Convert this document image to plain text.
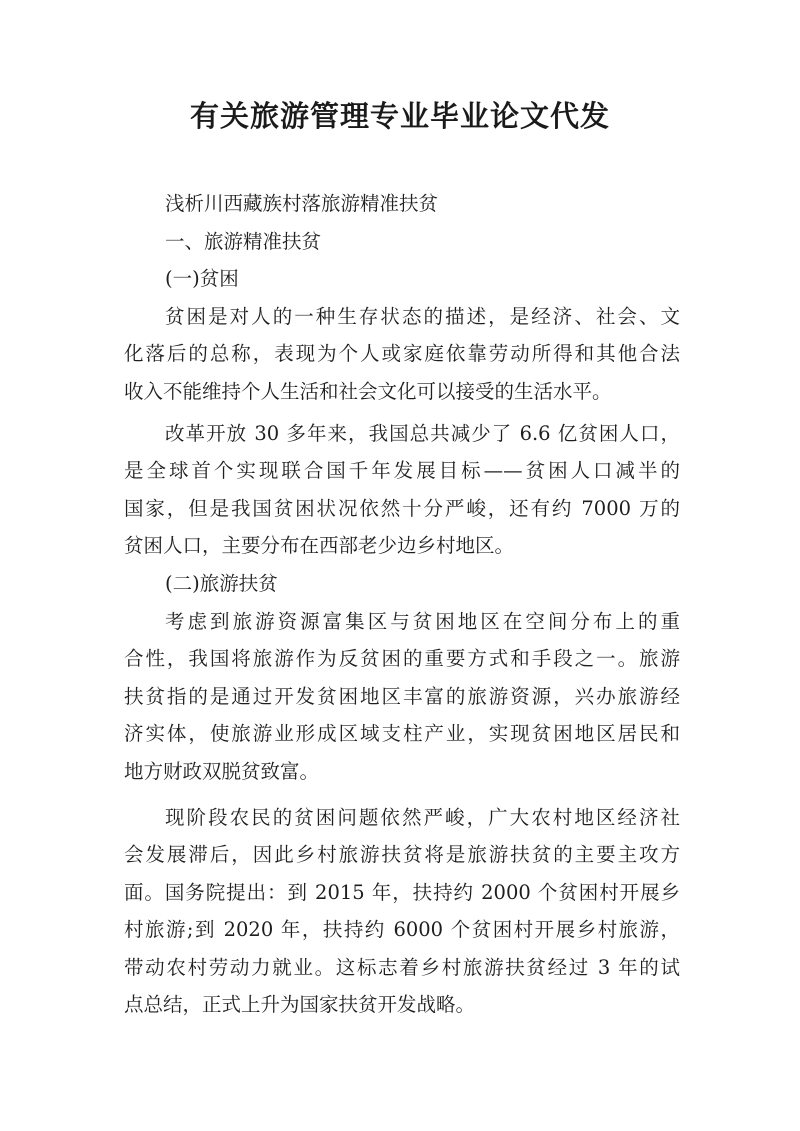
有关旅游管理专业毕业论文代发
浅析川西藏族村落旅游精准扶贫
一、旅游精准扶贫
(一)贫困
贫困是对人的一种生存状态的描述，是经济、社会、文
化落后的总称，表现为个人或家庭依靠劳动所得和其他合法
收入不能维持个人生活和社会文化可以接受的生活水平。
改革开放 30 多年来，我国总共减少了 6.6 亿贫困人口，
是全球首个实现联合国千年发展目标——贫困人口减半的
国家，但是我国贫困状况依然十分严峻，还有约 7000 万的
贫困人口，主要分布在西部老少边乡村地区。
(二)旅游扶贫
考虑到旅游资源富集区与贫困地区在空间分布上的重
合性，我国将旅游作为反贫困的重要方式和手段之一。旅游
扶贫指的是通过开发贫困地区丰富的旅游资源，兴办旅游经
济实体，使旅游业形成区域支柱产业，实现贫困地区居民和
地方财政双脱贫致富。
现阶段农民的贫困问题依然严峻，广大农村地区经济社
会发展滞后，因此乡村旅游扶贫将是旅游扶贫的主要主攻方
面。国务院提出：到 2015 年，扶持约 2000 个贫困村开展乡
村旅游;到 2020 年，扶持约 6000 个贫困村开展乡村旅游，
带动农村劳动力就业。这标志着乡村旅游扶贫经过 3 年的试
点总结，正式上升为国家扶贫开发战略。
